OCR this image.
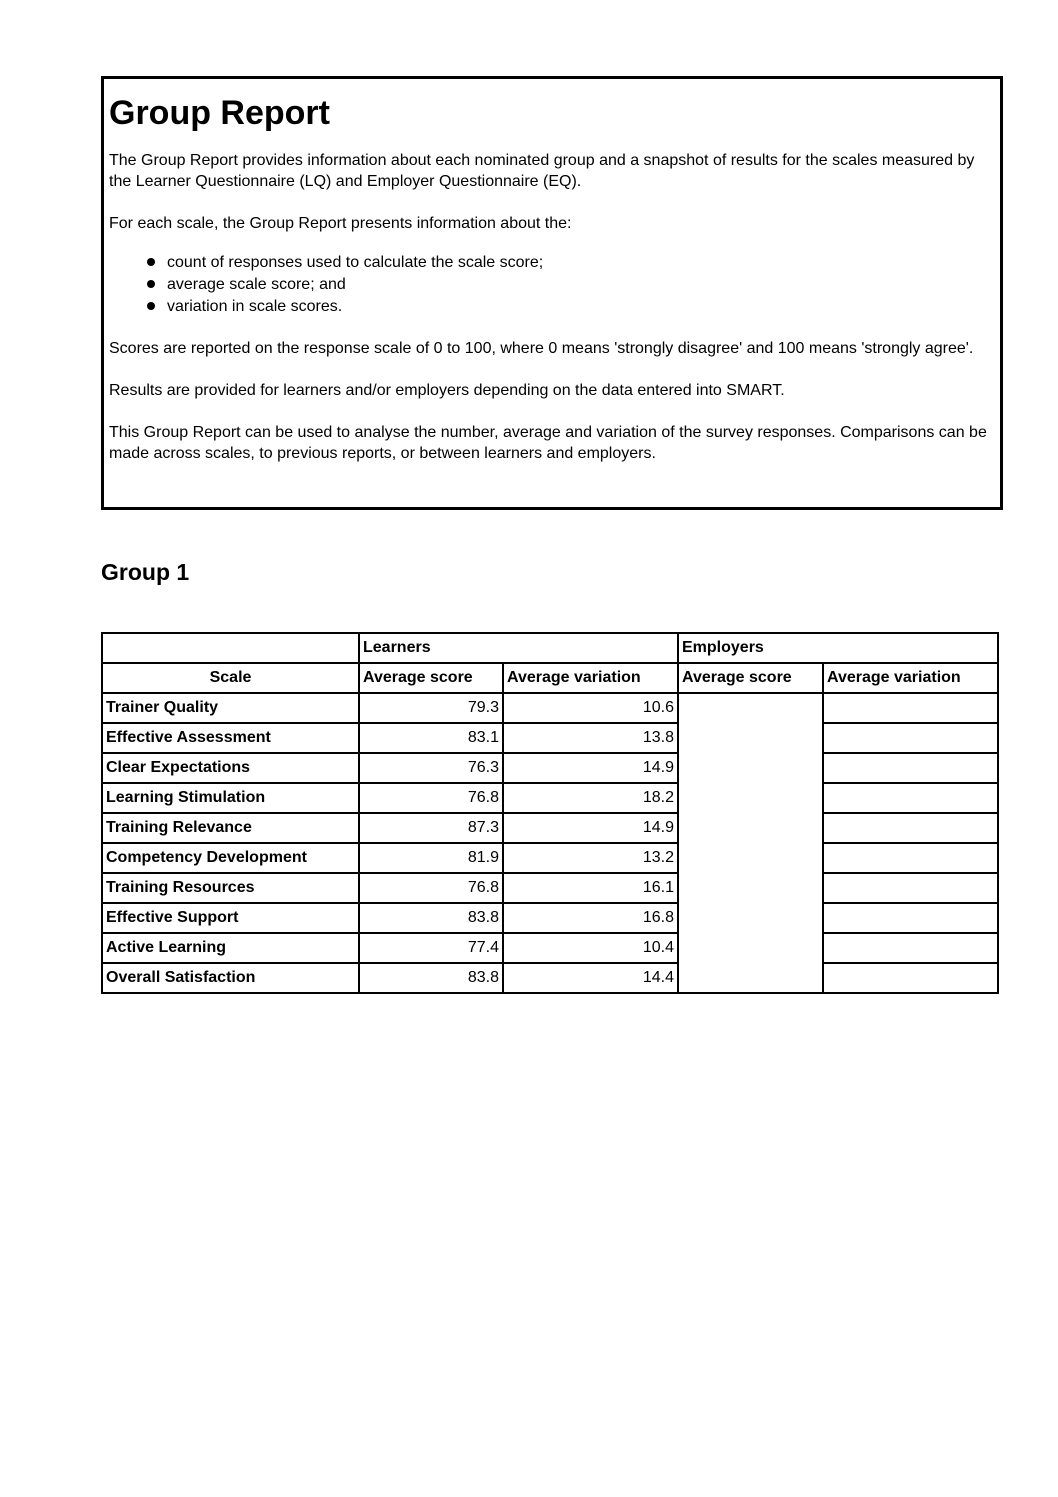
Group Report

The Group Report provides information about each nominated group and a snapshot of results for the scales measured by the Learner Questionnaire (LQ) and Employer Questionnaire (EQ).

For each scale, the Group Report presents information about the:

count of responses used to calculate the scale score;
average scale score; and
variation in scale scores.

Scores are reported on the response scale of 0 to 100, where 0 means 'strongly disagree' and 100 means 'strongly agree'.

Results are provided for learners and/or employers depending on the data entered into SMART.

This Group Report can be used to analyse the number, average and variation of the survey responses. Comparisons can be made across scales, to previous reports, or between learners and employers.

Group 1
	Learners		Employers	
Scale	Average score	Average variation	Average score	Average variation
Trainer Quality	79.3	10.6		
Effective Assessment	83.1	13.8		
Clear Expectations	76.3	14.9		
Learning Stimulation	76.8	18.2		
Training Relevance	87.3	14.9		
Competency Development	81.9	13.2		
Training Resources	76.8	16.1		
Effective Support	83.8	16.8		
Active Learning	77.4	10.4		
Overall Satisfaction	83.8	14.4		
